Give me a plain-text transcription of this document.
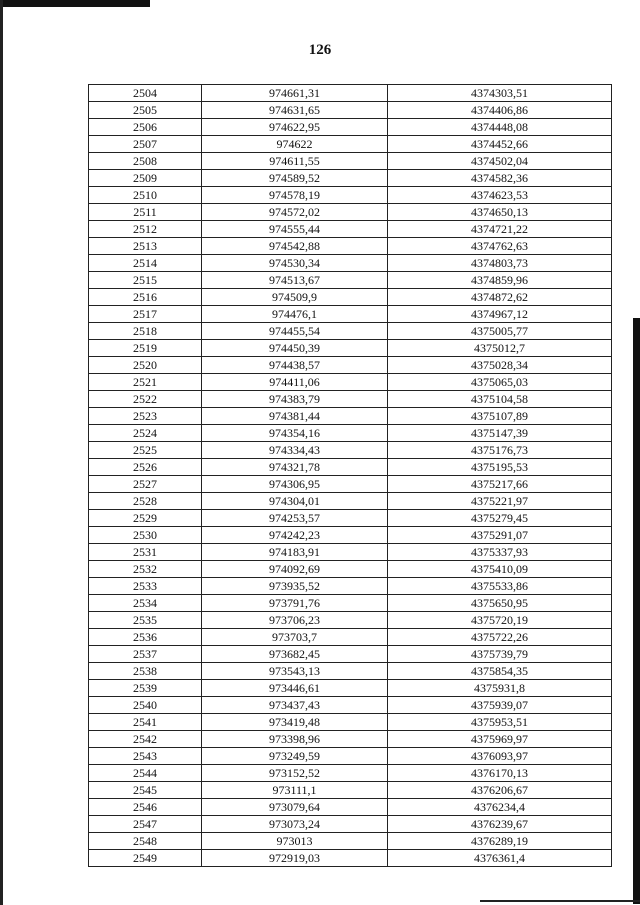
126
2504	974661,31	4374303,51
2505	974631,65	4374406,86
2506	974622,95	4374448,08
2507	974622	4374452,66
2508	974611,55	4374502,04
2509	974589,52	4374582,36
2510	974578,19	4374623,53
2511	974572,02	4374650,13
2512	974555,44	4374721,22
2513	974542,88	4374762,63
2514	974530,34	4374803,73
2515	974513,67	4374859,96
2516	974509,9	4374872,62
2517	974476,1	4374967,12
2518	974455,54	4375005,77
2519	974450,39	4375012,7
2520	974438,57	4375028,34
2521	974411,06	4375065,03
2522	974383,79	4375104,58
2523	974381,44	4375107,89
2524	974354,16	4375147,39
2525	974334,43	4375176,73
2526	974321,78	4375195,53
2527	974306,95	4375217,66
2528	974304,01	4375221,97
2529	974253,57	4375279,45
2530	974242,23	4375291,07
2531	974183,91	4375337,93
2532	974092,69	4375410,09
2533	973935,52	4375533,86
2534	973791,76	4375650,95
2535	973706,23	4375720,19
2536	973703,7	4375722,26
2537	973682,45	4375739,79
2538	973543,13	4375854,35
2539	973446,61	4375931,8
2540	973437,43	4375939,07
2541	973419,48	4375953,51
2542	973398,96	4375969,97
2543	973249,59	4376093,97
2544	973152,52	4376170,13
2545	973111,1	4376206,67
2546	973079,64	4376234,4
2547	973073,24	4376239,67
2548	973013	4376289,19
2549	972919,03	4376361,4
